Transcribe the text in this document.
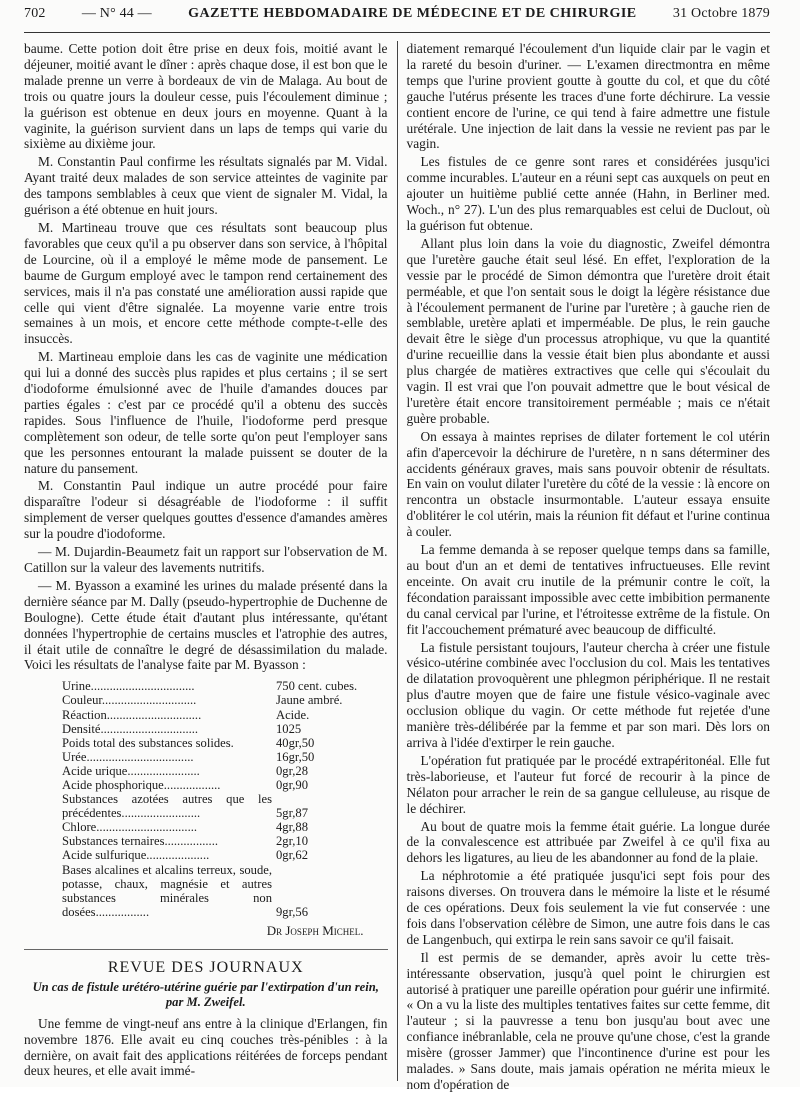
702	— N° 44 —	GAZETTE HEBDOMADAIRE DE MÉDECINE ET DE CHIRURGIE	31 Octobre 1879

baume. Cette potion doit être prise en deux fois, moitié avant le déjeuner, moitié avant le dîner : après chaque dose, il est bon que le malade prenne un verre à bordeaux de vin de Malaga. Au bout de trois ou quatre jours la douleur cesse, puis l'écoulement diminue ; la guérison est obtenue en deux jours en moyenne. Quant à la vaginite, la guérison survient dans un laps de temps qui varie du sixième au dixième jour.

M. Constantin Paul confirme les résultats signalés par M. Vidal. Ayant traité deux malades de son service atteintes de vaginite par des tampons semblables à ceux que vient de signaler M. Vidal, la guérison a été obtenue en huit jours.

M. Martineau trouve que ces résultats sont beaucoup plus favorables que ceux qu'il a pu observer dans son service, à l'hôpital de Lourcine, où il a employé le même mode de pansement. Le baume de Gurgum employé avec le tampon rend certainement des services, mais il n'a pas constaté une amélioration aussi rapide que celle qui vient d'être signalée. La moyenne varie entre trois semaines à un mois, et encore cette méthode compte-t-elle des insuccès.

M. Martineau emploie dans les cas de vaginite une médication qui lui a donné des succès plus rapides et plus certains ; il se sert d'iodoforme émulsionné avec de l'huile d'amandes douces par parties égales : c'est par ce procédé qu'il a obtenu des succès rapides. Sous l'influence de l'huile, l'iodoforme perd presque complètement son odeur, de telle sorte qu'on peut l'employer sans que les personnes entourant la malade puissent se douter de la nature du pansement.

M. Constantin Paul indique un autre procédé pour faire disparaître l'odeur si désagréable de l'iodoforme : il suffit simplement de verser quelques gouttes d'essence d'amandes amères sur la poudre d'iodoforme.

— M. Dujardin-Beaumetz fait un rapport sur l'observation de M. Catillon sur la valeur des lavements nutritifs.

— M. Byasson a examiné les urines du malade présenté dans la dernière séance par M. Dally (pseudo-hypertrophie de Duchenne de Boulogne). Cette étude était d'autant plus intéressante, qu'étant données l'hypertrophie de certains muscles et l'atrophie des autres, il était utile de connaître le degré de désassimilation du malade. Voici les résultats de l'analyse faite par M. Byasson :

Urine.................................	750 cent. cubes.
Couleur..............................	Jaune ambré.
Réaction..............................	Acide.
Densité...............................	1025
Poids total des substances solides.	40gr,50
Urée..................................	16gr,50
Acide urique.......................	0gr,28
Acide phosphorique..................	0gr,90
Substances azotées autres que les précédentes.........................	5gr,87
Chlore................................	4gr,88
Substances ternaires.................	2gr,10
Acide sulfurique....................	0gr,62
Bases alcalines et alcalins terreux, soude, potasse, chaux, magnésie et autres substances minérales non dosées.................	9gr,56
Dr Joseph Michel.
REVUE DES JOURNAUX
Un cas de fistule urétéro-utérine guérie par l'extirpation d'un rein, par M. Zweifel.

Une femme de vingt-neuf ans entre à la clinique d'Erlangen, fin novembre 1876. Elle avait eu cinq couches très-pénibles : à la dernière, on avait fait des applications réitérées de forceps pendant deux heures, et elle avait immé-

diatement remarqué l'écoulement d'un liquide clair par le vagin et la rareté du besoin d'uriner. — L'examen directmontra en même temps que l'urine provient goutte à goutte du col, et que du côté gauche l'utérus présente les traces d'une forte déchirure. La vessie contient encore de l'urine, ce qui tend à faire admettre une fistule urétérale. Une injection de lait dans la vessie ne revient pas par le vagin.

Les fistules de ce genre sont rares et considérées jusqu'ici comme incurables. L'auteur en a réuni sept cas auxquels on peut en ajouter un huitième publié cette année (Hahn, in Berliner med. Woch., n° 27). L'un des plus remarquables est celui de Duclout, où la guérison fut obtenue.

Allant plus loin dans la voie du diagnostic, Zweifel démontra que l'uretère gauche était seul lésé. En effet, l'exploration de la vessie par le procédé de Simon démontra que l'uretère droit était perméable, et que l'on sentait sous le doigt la légère résistance due à l'écoulement permanent de l'urine par l'uretère ; à gauche rien de semblable, uretère aplati et imperméable. De plus, le rein gauche devait être le siège d'un processus atrophique, vu que la quantité d'urine recueillie dans la vessie était bien plus abondante et aussi plus chargée de matières extractives que celle qui s'écoulait du vagin. Il est vrai que l'on pouvait admettre que le bout vésical de l'uretère était encore transitoirement perméable ; mais ce n'était guère probable.

On essaya à maintes reprises de dilater fortement le col utérin afin d'apercevoir la déchirure de l'uretère, n n sans déterminer des accidents généraux graves, mais sans pouvoir obtenir de résultats. En vain on voulut dilater l'uretère du côté de la vessie : là encore on rencontra un obstacle insurmontable. L'auteur essaya ensuite d'oblitérer le col utérin, mais la réunion fit défaut et l'urine continua à couler.

La femme demanda à se reposer quelque temps dans sa famille, au bout d'un an et demi de tentatives infructueuses. Elle revint enceinte. On avait cru inutile de la prémunir contre le coït, la fécondation paraissant impossible avec cette imbibition permanente du canal cervical par l'urine, et l'étroitesse extrême de la fistule. On fit l'accouchement prématuré avec beaucoup de difficulté.

La fistule persistant toujours, l'auteur chercha à créer une fistule vésico-utérine combinée avec l'occlusion du col. Mais les tentatives de dilatation provoquèrent une phlegmon périphérique. Il ne restait plus d'autre moyen que de faire une fistule vésico-vaginale avec occlusion oblique du vagin. Or cette méthode fut rejetée d'une manière très-délibérée par la femme et par son mari. Dès lors on arriva à l'idée d'extirper le rein gauche.

L'opération fut pratiquée par le procédé extrapéritonéal. Elle fut très-laborieuse, et l'auteur fut forcé de recourir à la pince de Nélaton pour arracher le rein de sa gangue celluleuse, au risque de le déchirer.

Au bout de quatre mois la femme était guérie. La longue durée de la convalescence est attribuée par Zweifel à ce qu'il fixa au dehors les ligatures, au lieu de les abandonner au fond de la plaie.

La néphrotomie a été pratiquée jusqu'ici sept fois pour des raisons diverses. On trouvera dans le mémoire la liste et le résumé de ces opérations. Deux fois seulement la vie fut conservée : une fois dans l'observation célèbre de Simon, une autre fois dans le cas de Langenbuch, qui extirpa le rein sans savoir ce qu'il faisait.

Il est permis de se demander, après avoir lu cette très-intéressante observation, jusqu'à quel point le chirurgien est autorisé à pratiquer une pareille opération pour guérir une infirmité. « On a vu la liste des multiples tentatives faites sur cette femme, dit l'auteur ; si la pauvresse a tenu bon jusqu'au bout avec une confiance inébranlable, cela ne prouve qu'une chose, c'est la grande misère (grosser Jammer) que l'incontinence d'urine est pour les malades. » Sans doute, mais jamais opération ne mérita mieux le nom d'opération de
